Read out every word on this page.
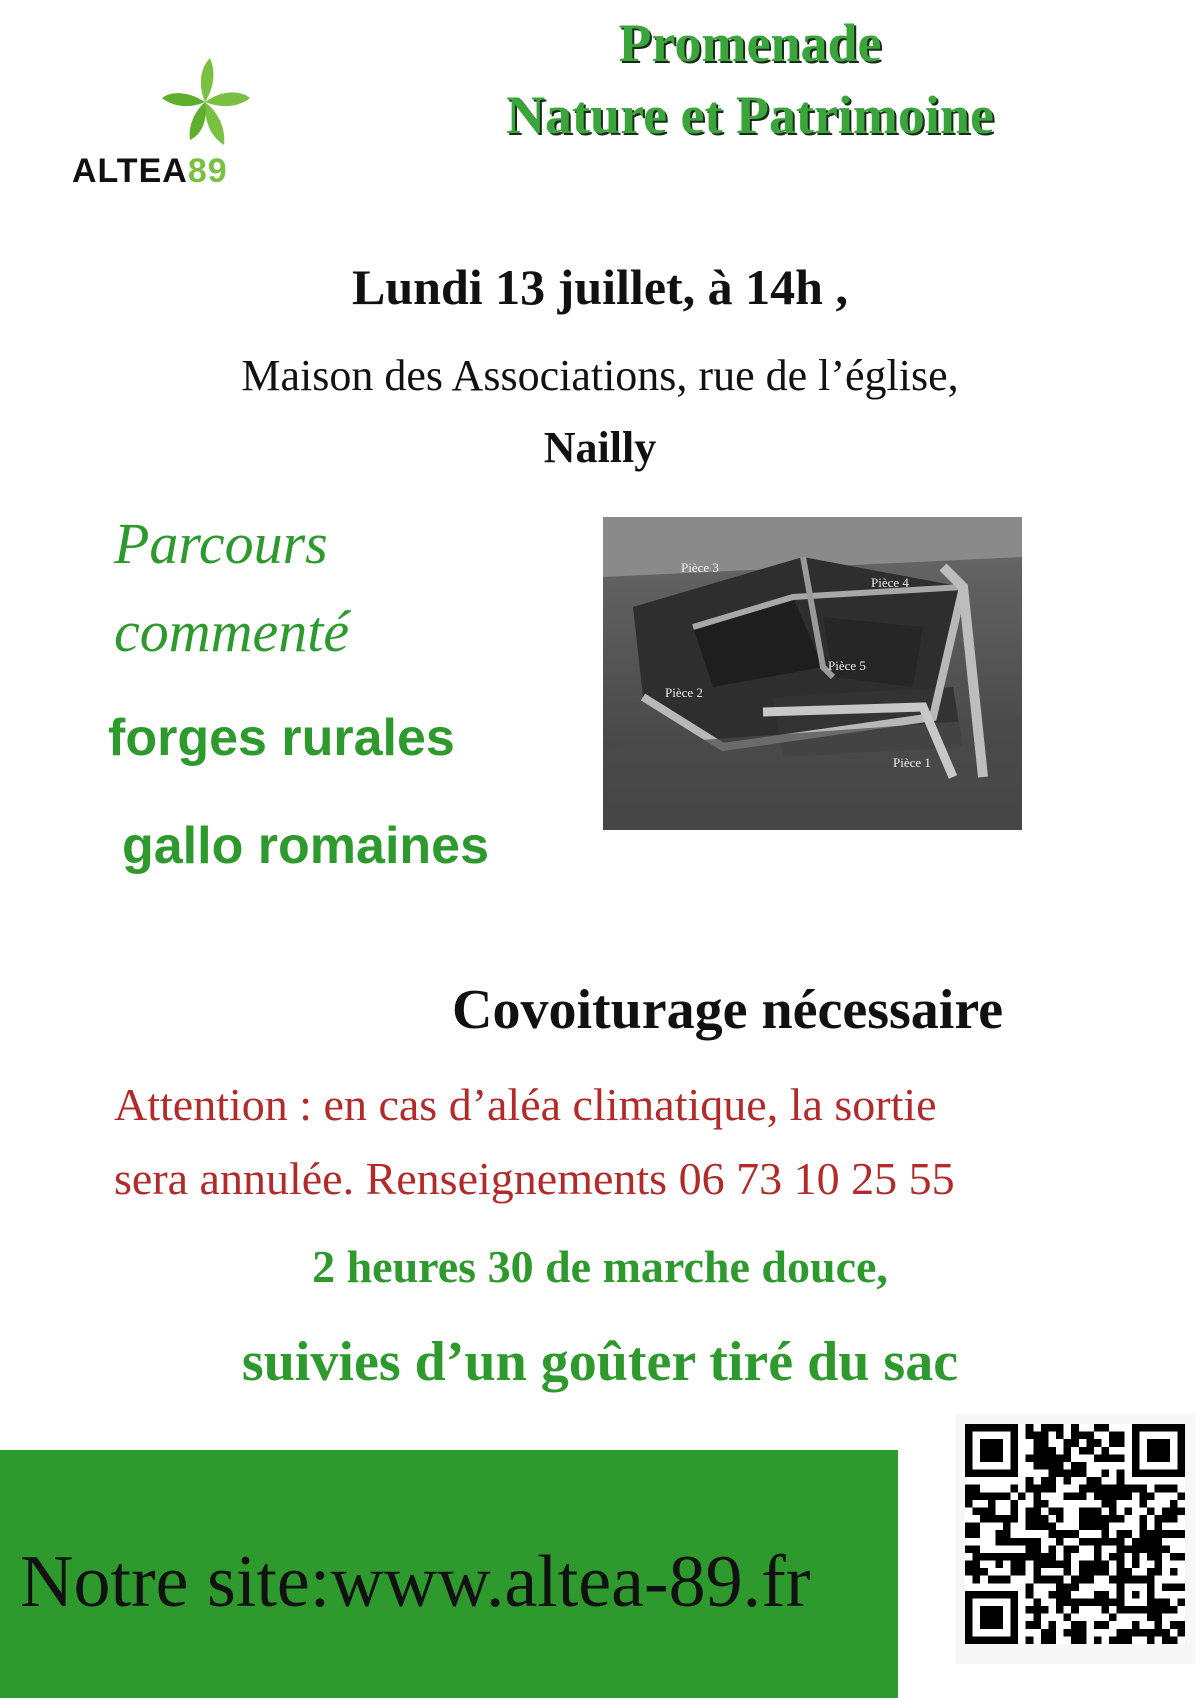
ALTEA89
Promenade
Nature et Patrimoine
Lundi 13 juillet, à 14h ,
Maison des Associations, rue de l’église,
Nailly
Parcours
commenté
forges rurales
gallo romaines
Pièce 3
Pièce 4
Pièce 5
Pièce 2
Pièce 1
Covoiturage nécessaire
Attention : en cas d’aléa climatique, la sortie
sera annulée. Renseignements 06 73 10 25 55
2 heures 30 de marche douce,
suivies d’un goûter tiré du sac
Notre site:www.altea-89.fr
